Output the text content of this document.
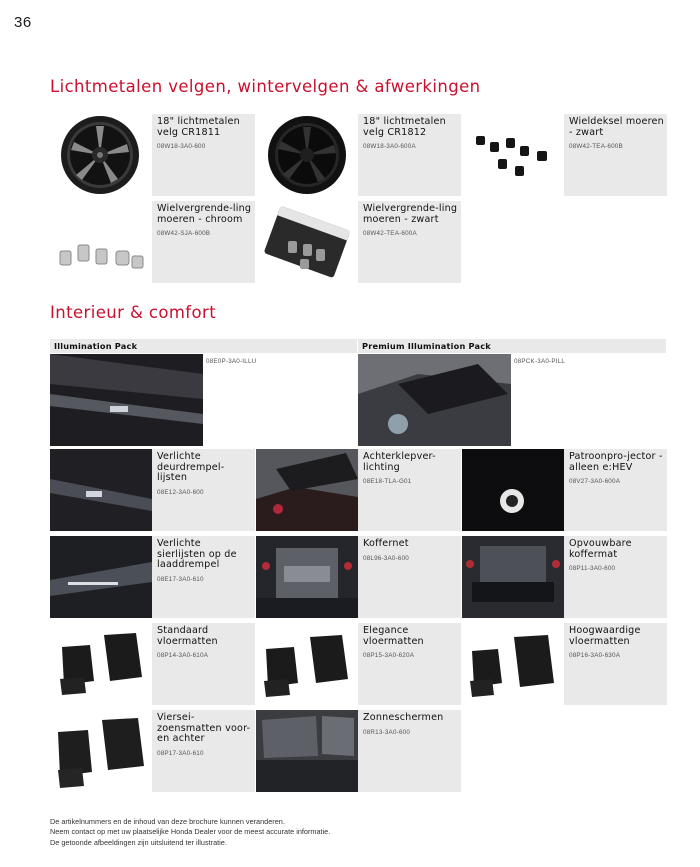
36
Lichtmetalen velgen, wintervelgen & afwerkingen
18" lichtmetalen velg CR1811
08W18-3A0-600
18" lichtmetalen velg CR1812
08W18-3A0-600A
Wieldeksel moeren - zwart
08W42-TEA-600B
Wielvergrende-ling moeren - chroom
08W42-SJA-600B
Wielvergrende-ling moeren - zwart
08W42-TEA-600A
Interieur & comfort
Illumination Pack
08E0P-3A0-ILLU
Premium Illumination Pack
08PCK-3A0-PILL
Verlichte deurdrempel-lijsten
08E12-3A0-600
Achterklepver-lichting
08E18-TLA-G01
Patroonpro-jector - alleen e:HEV
08V27-3A0-600A
Verlichte sierlijsten op de laaddrempel
08E17-3A0-610
Koffernet
08L96-3A0-600
Opvouwbare koffermat
08P11-3A0-600
Standaard vloermatten
08P14-3A0-610A
Elegance vloermatten
08P15-3A0-620A
Hoogwaardige vloermatten
08P16-3A0-630A
Viersei-zoensmatten voor- en achter
08P17-3A0-610
Zonneschermen
08R13-3A0-600
De artikelnummers en de inhoud van deze brochure kunnen veranderen.
Neem contact op met uw plaatselijke Honda Dealer voor de meest accurate informatie.
De getoonde afbeeldingen zijn uitsluitend ter illustratie.
